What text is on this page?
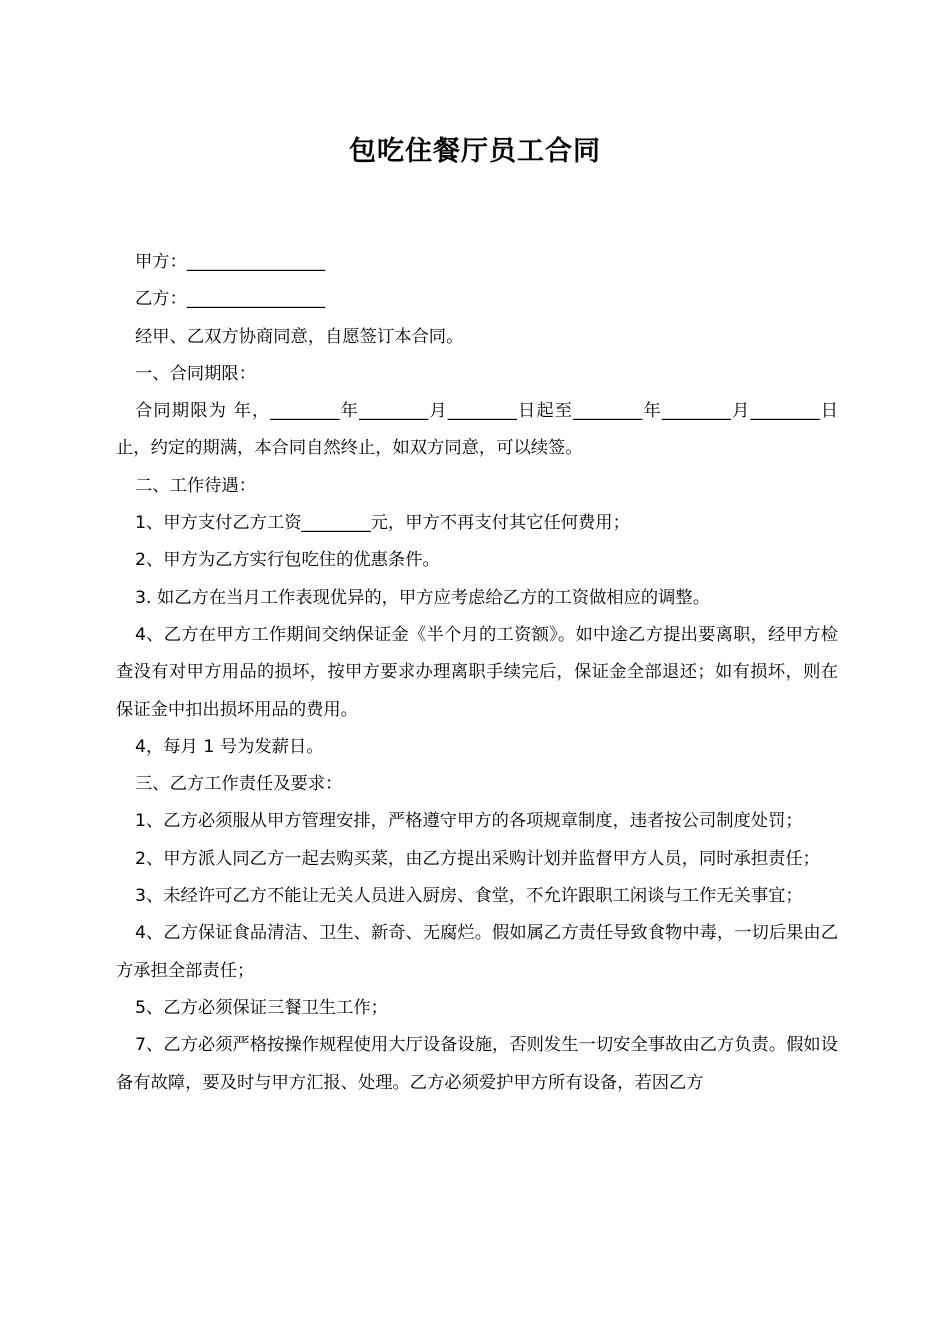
包吃住餐厅员工合同

甲方：________________

乙方：________________

经甲、乙双方协商同意，自愿签订本合同。

一、合同期限：

合同期限为 年，________年________月________日起至________年________月________日止，约定的期满，本合同自然终止，如双方同意，可以续签。

二、工作待遇：

1、甲方支付乙方工资________元，甲方不再支付其它任何费用；

2、甲方为乙方实行包吃住的优惠条件。

3. 如乙方在当月工作表现优异的，甲方应考虑给乙方的工资做相应的调整。

4、乙方在甲方工作期间交纳保证金《半个月的工资额》。如中途乙方提出要离职，经甲方检查没有对甲方用品的损坏，按甲方要求办理离职手续完后，保证金全部退还；如有损坏，则在保证金中扣出损坏用品的费用。

4，每月 1 号为发薪日。

三、乙方工作责任及要求：

1、乙方必须服从甲方管理安排，严格遵守甲方的各项规章制度，违者按公司制度处罚；

2、甲方派人同乙方一起去购买菜，由乙方提出采购计划并监督甲方人员，同时承担责任；

3、未经许可乙方不能让无关人员进入厨房、食堂，不允许跟职工闲谈与工作无关事宜；

4、乙方保证食品清洁、卫生、新奇、无腐烂。假如属乙方责任导致食物中毒，一切后果由乙方承担全部责任；

5、乙方必须保证三餐卫生工作；

7、乙方必须严格按操作规程使用大厅设备设施，否则发生一切安全事故由乙方负责。假如设备有故障，要及时与甲方汇报、处理。乙方必须爱护甲方所有设备，若因乙方
